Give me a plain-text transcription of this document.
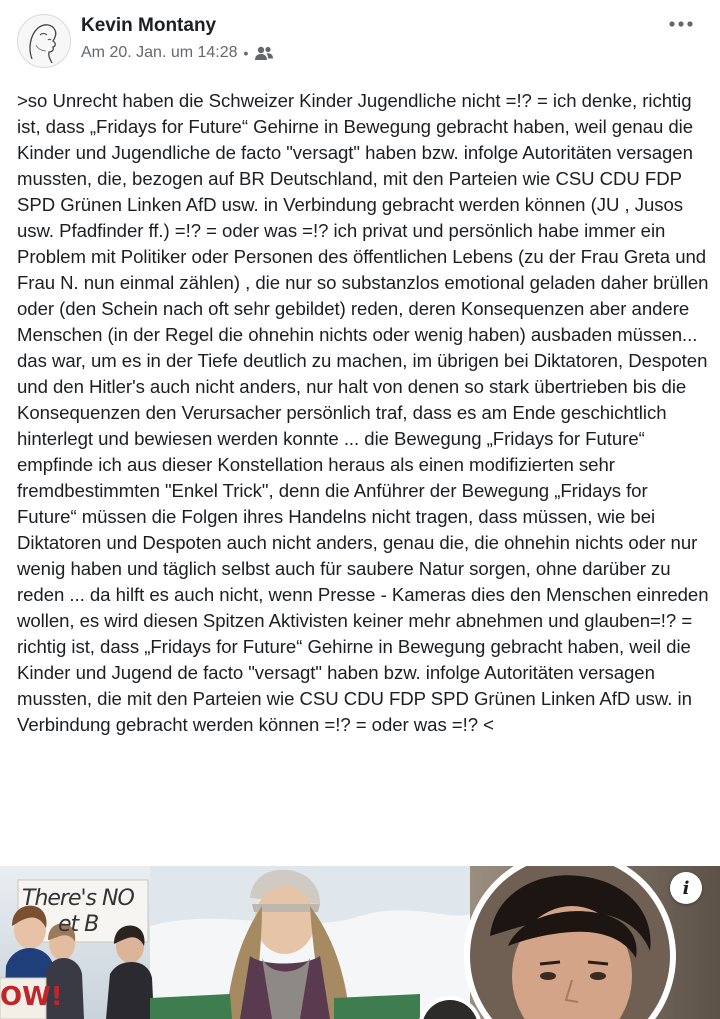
Kevin Montany
Am 20. Jan. um 14:28 •
>so Unrecht haben die Schweizer Kinder Jugendliche nicht =!? = ich denke, richtig ist, dass „Fridays for Future“ Gehirne in Bewegung gebracht haben, weil genau die Kinder und Jugendliche de facto "versagt" haben bzw. infolge Autoritäten versagen mussten, die, bezogen auf BR Deutschland, mit den Parteien wie CSU CDU FDP SPD Grünen Linken AfD usw. in Verbindung gebracht werden können (JU , Jusos usw. Pfadfinder ff.) =!? = oder was =!? ich privat und persönlich habe immer ein Problem mit Politiker oder Personen des öffentlichen Lebens (zu der Frau Greta und Frau N. nun einmal zählen) , die nur so substanzlos emotional geladen daher brüllen oder (den Schein nach oft sehr gebildet) reden, deren Konsequenzen aber andere Menschen (in der Regel die ohnehin nichts oder wenig haben) ausbaden müssen... das war, um es in der Tiefe deutlich zu machen, im übrigen bei Diktatoren, Despoten und den Hitler's auch nicht anders, nur halt von denen so stark übertrieben bis die Konsequenzen den Verursacher persönlich traf, dass es am Ende geschichtlich hinterlegt und bewiesen werden konnte ... die Bewegung „Fridays for Future“ empfinde ich aus dieser Konstellation heraus als einen modifizierten sehr fremdbestimmten "Enkel Trick", denn die Anführer der Bewegung „Fridays for Future“ müssen die Folgen ihres Handelns nicht tragen, dass müssen, wie bei Diktatoren und Despoten auch nicht anders, genau die, die ohnehin nichts oder nur wenig haben und täglich selbst auch für saubere Natur sorgen, ohne darüber zu reden ... da hilft es auch nicht, wenn Presse - Kameras dies den Menschen einreden wollen, es wird diesen Spitzen Aktivisten keiner mehr abnehmen und glauben=!? = richtig ist, dass „Fridays for Future“ Gehirne in Bewegung gebracht haben, weil die Kinder und Jugend de facto "versagt" haben bzw. infolge Autoritäten versagen mussten, die mit den Parteien wie CSU CDU FDP SPD Grünen Linken AfD usw. in Verbindung gebracht werden können =!? = oder was =!? <
There's NO
et B
OW!
i
